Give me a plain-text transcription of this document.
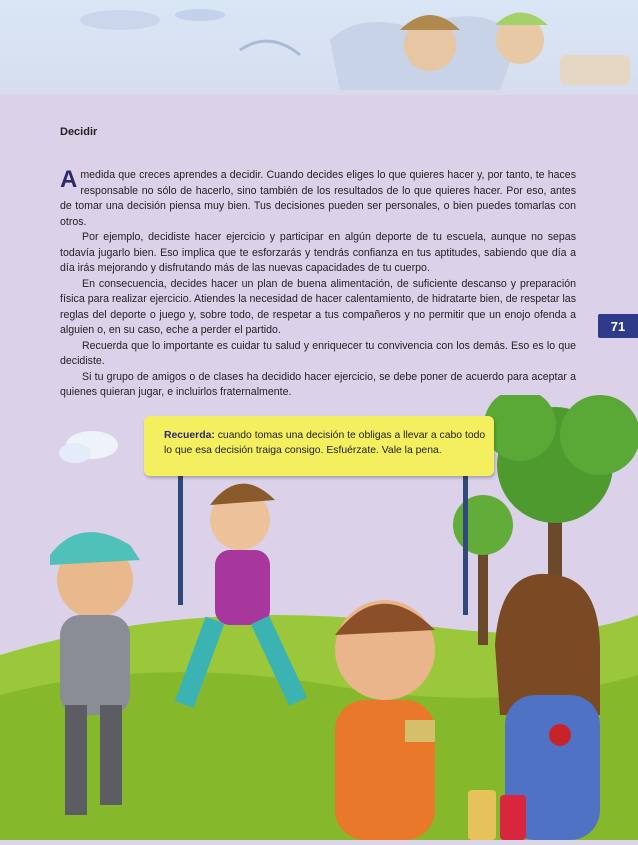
Decidir

Amedida que creces aprendes a decidir. Cuando decides eliges lo que quieres hacer y, por tanto, te haces responsable no sólo de hacerlo, sino también de los resultados de lo que quieres hacer. Por eso, antes de tomar una decisión piensa muy bien. Tus decisiones pueden ser personales, o bien puedes tomarlas con otros.

Por ejemplo, decidiste hacer ejercicio y participar en algún deporte de tu escuela, aunque no sepas todavía jugarlo bien. Eso implica que te esforzarás y tendrás confianza en tus aptitudes, sabiendo que día a día irás mejorando y disfrutando más de las nuevas capacidades de tu cuerpo.

En consecuencia, decides hacer un plan de buena alimentación, de suficiente descanso y preparación física para realizar ejercicio. Atiendes la necesidad de hacer calentamiento, de hidratarte bien, de respetar las reglas del deporte o juego y, sobre todo, de respetar a tus compañeros y no permitir que un enojo ofenda a alguien o, en su caso, eche a perder el partido.

Recuerda que lo importante es cuidar tu salud y enriquecer tu convivencia con los demás. Eso es lo que decidiste.

Si tu grupo de amigos o de clases ha decidido hacer ejercicio, se debe poner de acuerdo para aceptar a quienes quieran jugar, e incluirlos fraternalmente.

71
Recuerda: cuando tomas una decisión te obligas a llevar a cabo todo lo que esa decisión traiga consigo. Esfuérzate. Vale la pena.
